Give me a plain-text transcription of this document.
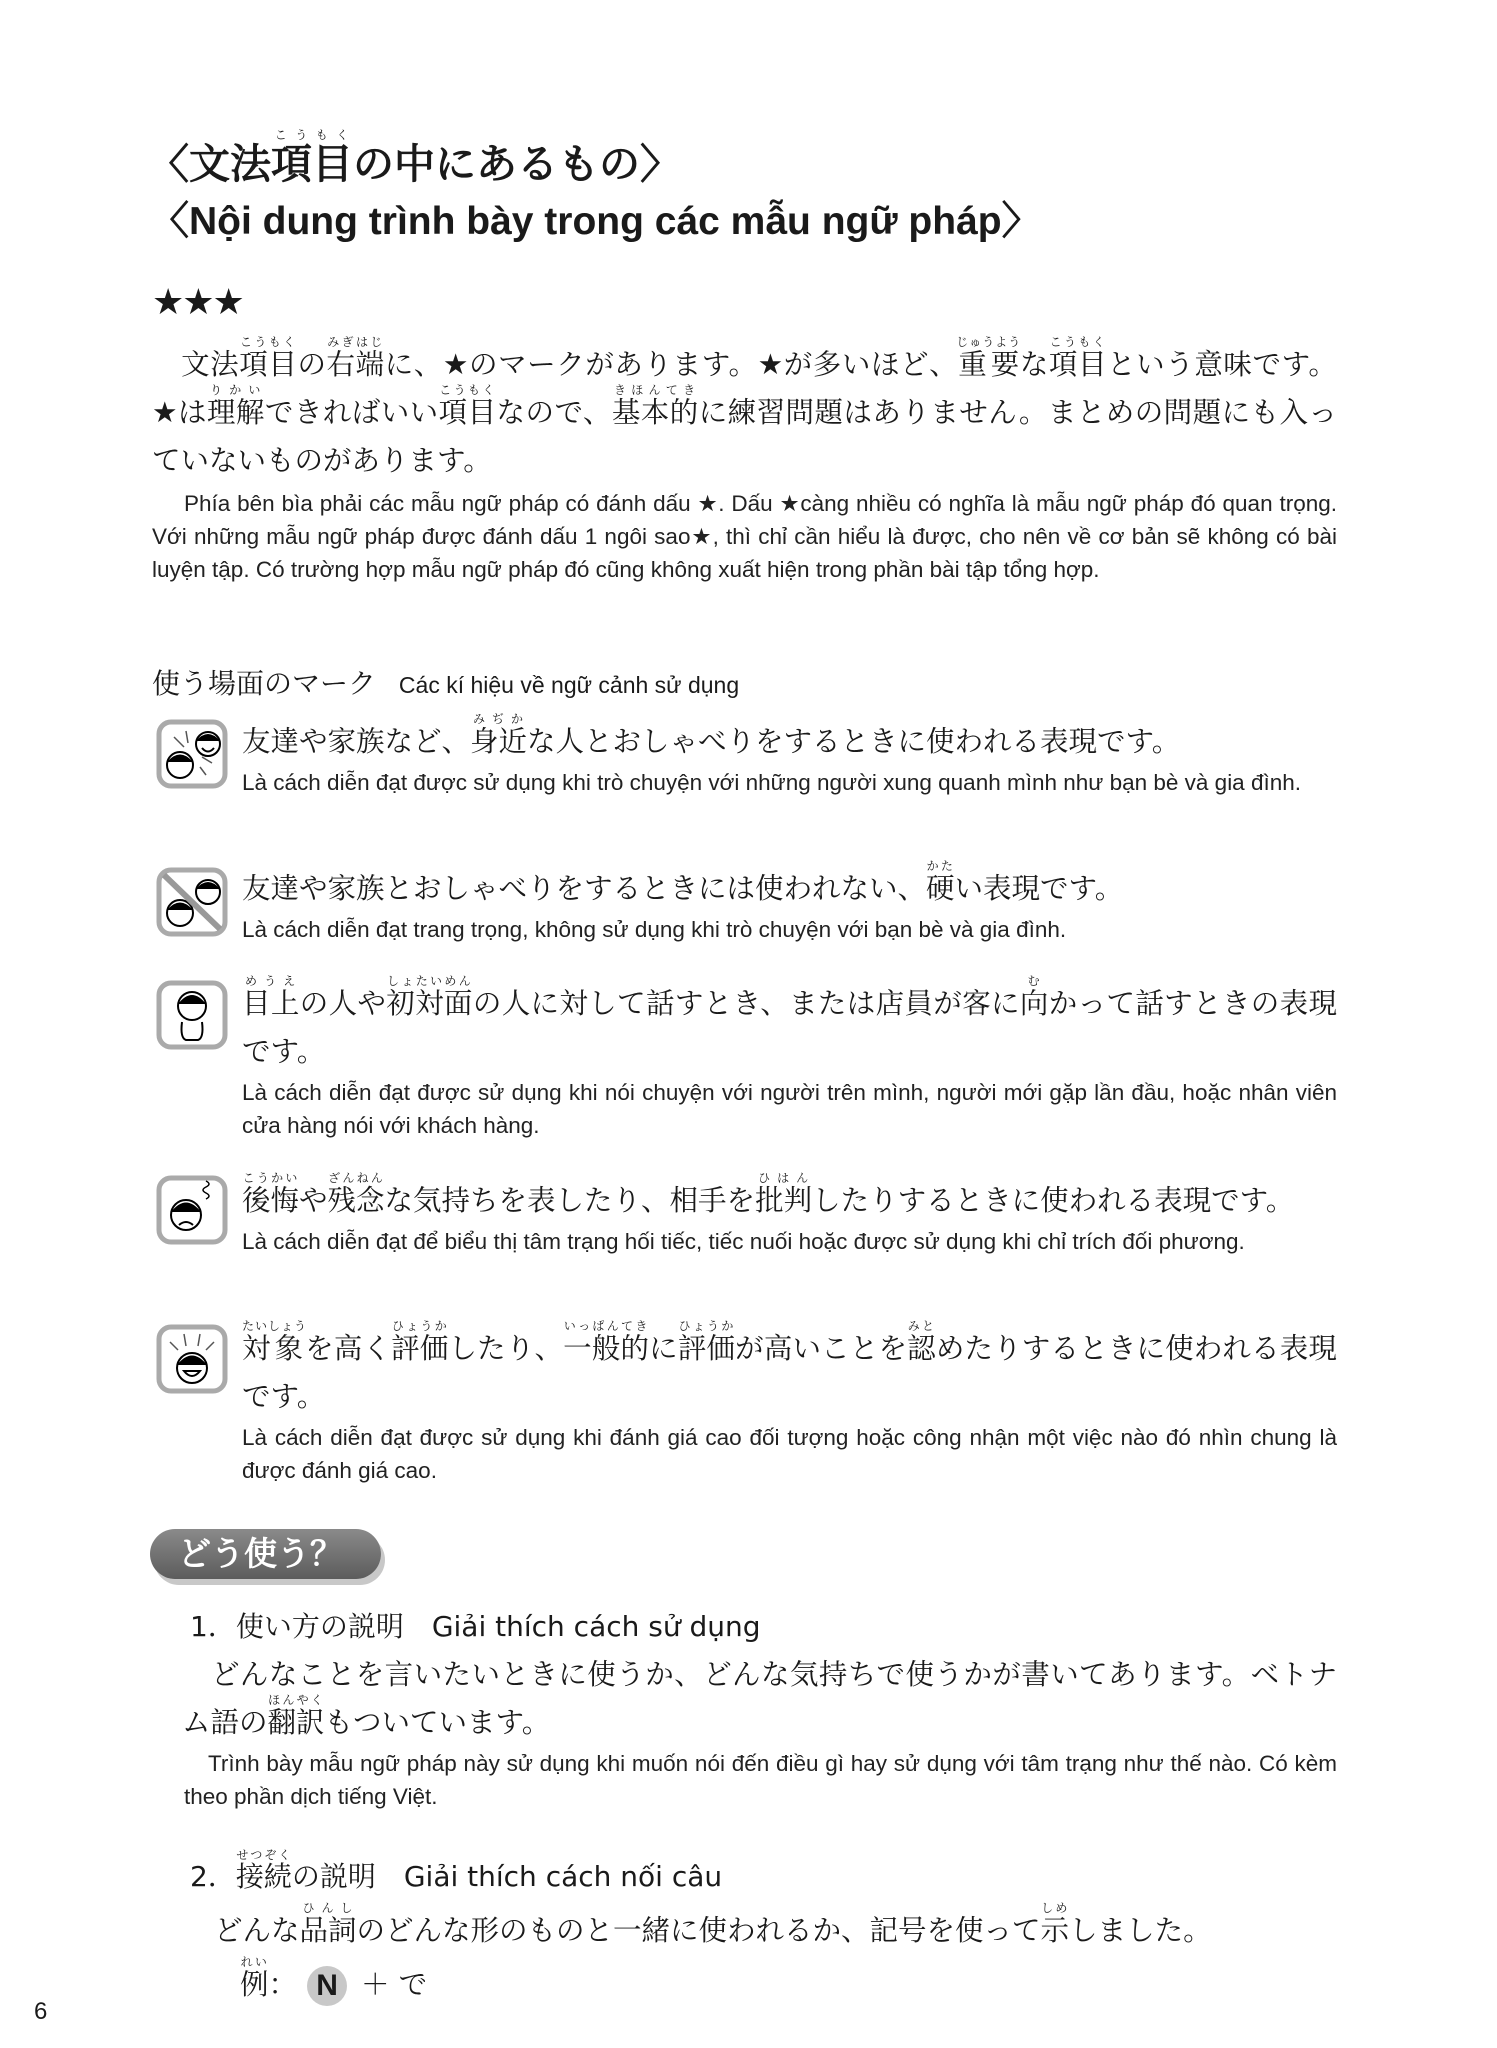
〈文法項目こうもくの中にあるもの〉
〈Nội dung trình bày trong các mẫu ngữ pháp〉
★★★
　文法項目こうもくの右端みぎはじに、★のマークがあります。★が多いほど、重要じゅうような項目こうもくという意味です。★は理解りかいできればいい項目こうもくなので、基本的きほんてきに練習問題はありません。まとめの問題にも入っていないものがあります。
Phía bên bìa phải các mẫu ngữ pháp có đánh dấu ★. Dấu ★càng nhiều có nghĩa là mẫu ngữ pháp đó quan trọng. Với những mẫu ngữ pháp được đánh dấu 1 ngôi sao★, thì chỉ cần hiểu là được, cho nên về cơ bản sẽ không có bài luyện tập. Có trường hợp mẫu ngữ pháp đó cũng không xuất hiện trong phần bài tập tổng hợp.
使う場面のマーク Các kí hiệu về ngữ cảnh sử dụng
友達や家族など、身近みぢかな人とおしゃべりをするときに使われる表現です。
Là cách diễn đạt được sử dụng khi trò chuyện với những người xung quanh mình như bạn bè và gia đình.
友達や家族とおしゃべりをするときには使われない、硬かたい表現です。
Là cách diễn đạt trang trọng, không sử dụng khi trò chuyện với bạn bè và gia đình.
目上めうえの人や初対面しょたいめんの人に対して話すとき、または店員が客に向むかって話すときの表現です。
Là cách diễn đạt được sử dụng khi nói chuyện với người trên mình, người mới gặp lần đầu, hoặc nhân viên cửa hàng nói với khách hàng.
後悔こうかいや残念ざんねんな気持ちを表したり、相手を批判ひはんしたりするときに使われる表現です。
Là cách diễn đạt để biểu thị tâm trạng hối tiếc, tiếc nuối hoặc được sử dụng khi chỉ trích đối phương.
対象たいしょうを高く評価ひょうかしたり、一般的いっぱんてきに評価ひょうかが高いことを認みとめたりするときに使われる表現です。
Là cách diễn đạt được sử dụng khi đánh giá cao đối tượng hoặc công nhận một việc nào đó nhìn chung là được đánh giá cao.
どう使う？
1．使い方の説明　Giải thích cách sử dụng
　どんなことを言いたいときに使うか、どんな気持ちで使うかが書いてあります。ベトナム語の翻訳ほんやくもついています。
Trình bày mẫu ngữ pháp này sử dụng khi muốn nói đến điều gì hay sử dụng với tâm trạng như thế nào. Có kèm theo phần dịch tiếng Việt.
2．接続せつぞくの説明　Giải thích cách nối câu
どんな品詞ひんしのどんな形のものと一緒に使われるか、記号を使って示しめしました。
例れい： N ＋ で
6
